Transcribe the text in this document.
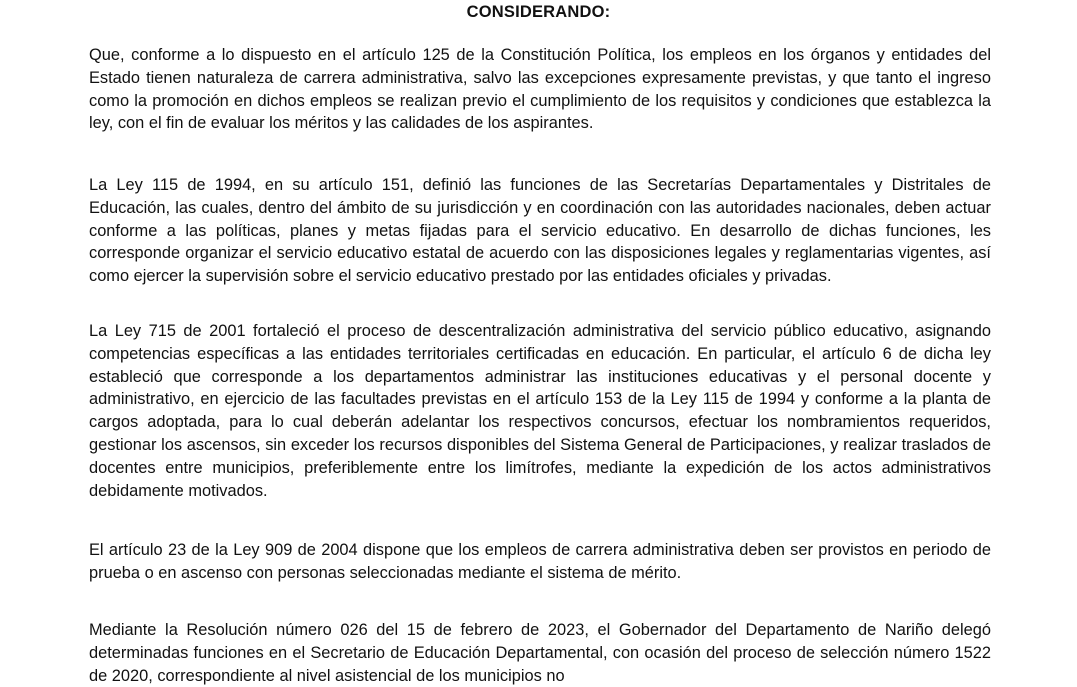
CONSIDERANDO:

Que, conforme a lo dispuesto en el artículo 125 de la Constitución Política, los empleos en los órganos y entidades del Estado tienen naturaleza de carrera administrativa, salvo las excepciones expresamente previstas, y que tanto el ingreso como la promoción en dichos empleos se realizan previo el cumplimiento de los requisitos y condiciones que establezca la ley, con el fin de evaluar los méritos y las calidades de los aspirantes.

La Ley 115 de 1994, en su artículo 151, definió las funciones de las Secretarías Departamentales y Distritales de Educación, las cuales, dentro del ámbito de su jurisdicción y en coordinación con las autoridades nacionales, deben actuar conforme a las políticas, planes y metas fijadas para el servicio educativo. En desarrollo de dichas funciones, les corresponde organizar el servicio educativo estatal de acuerdo con las disposiciones legales y reglamentarias vigentes, así como ejercer la supervisión sobre el servicio educativo prestado por las entidades oficiales y privadas.

La Ley 715 de 2001 fortaleció el proceso de descentralización administrativa del servicio público educativo, asignando competencias específicas a las entidades territoriales certificadas en educación. En particular, el artículo 6 de dicha ley estableció que corresponde a los departamentos administrar las instituciones educativas y el personal docente y administrativo, en ejercicio de las facultades previstas en el artículo 153 de la Ley 115 de 1994 y conforme a la planta de cargos adoptada, para lo cual deberán adelantar los respectivos concursos, efectuar los nombramientos requeridos, gestionar los ascensos, sin exceder los recursos disponibles del Sistema General de Participaciones, y realizar traslados de docentes entre municipios, preferiblemente entre los limítrofes, mediante la expedición de los actos administrativos debidamente motivados.

El artículo 23 de la Ley 909 de 2004 dispone que los empleos de carrera administrativa deben ser provistos en periodo de prueba o en ascenso con personas seleccionadas mediante el sistema de mérito.

Mediante la Resolución número 026 del 15 de febrero de 2023, el Gobernador del Departamento de Nariño delegó determinadas funciones en el Secretario de Educación Departamental, con ocasión del proceso de selección número 1522 de 2020, correspondiente al nivel asistencial de los municipios no
